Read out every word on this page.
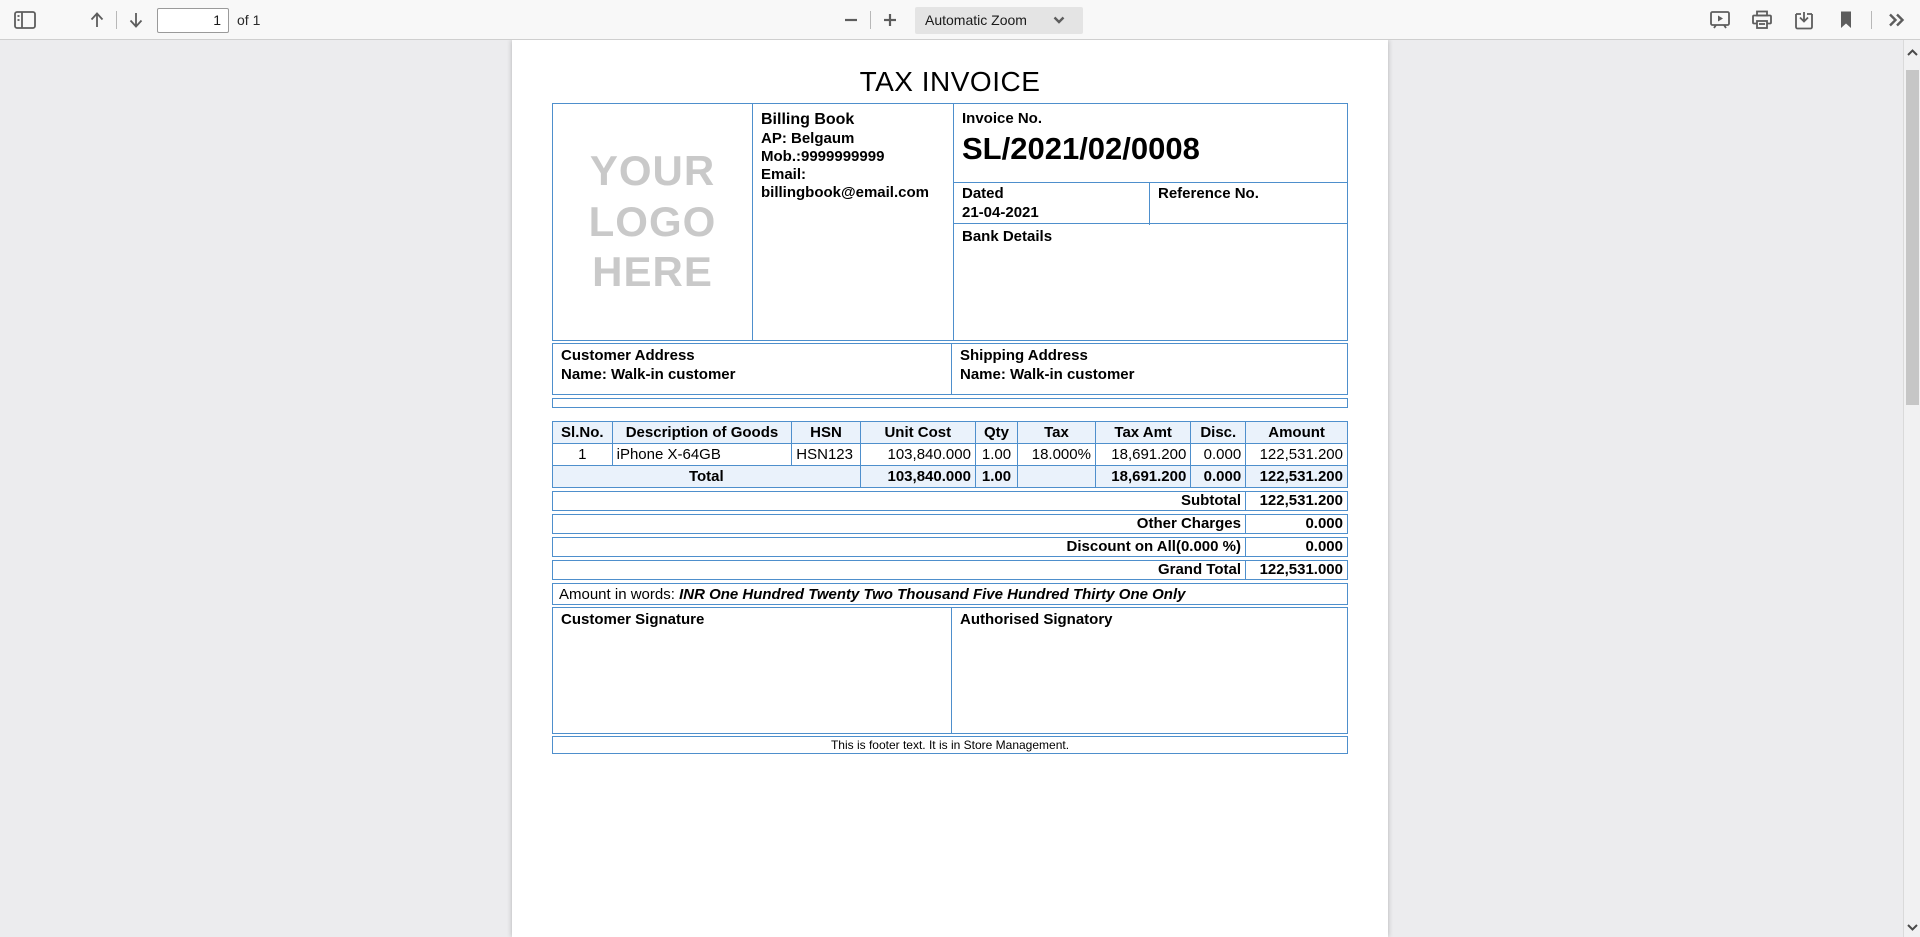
1
of 1	Automatic Zoom
TAX INVOICE
YOUR
LOGO
HERE
Billing Book
AP: Belgaum
Mob.:9999999999
Email:
billingbook@email.com
Invoice No.
SL/2021/02/0008
Dated
21-04-2021
Reference No.
Bank Details
Customer Address
Name: Walk-in customer
Shipping Address
Name: Walk-in customer
Sl.No.	Description of Goods	HSN	Unit Cost	Qty	Tax	Tax Amt	Disc.	Amount
1	iPhone X-64GB	HSN123	103,840.000	1.00	18.000%	18,691.200	0.000	122,531.200
Total			103,840.000	1.00		18,691.200	0.000	122,531.200
Subtotal	122,531.200
Other Charges	0.000
Discount on All(0.000 %)	0.000
Grand Total	122,531.000
Amount in words: INR One Hundred Twenty Two Thousand Five Hundred Thirty One Only
Customer Signature	Authorised Signatory
This is footer text. It is in Store Management.
